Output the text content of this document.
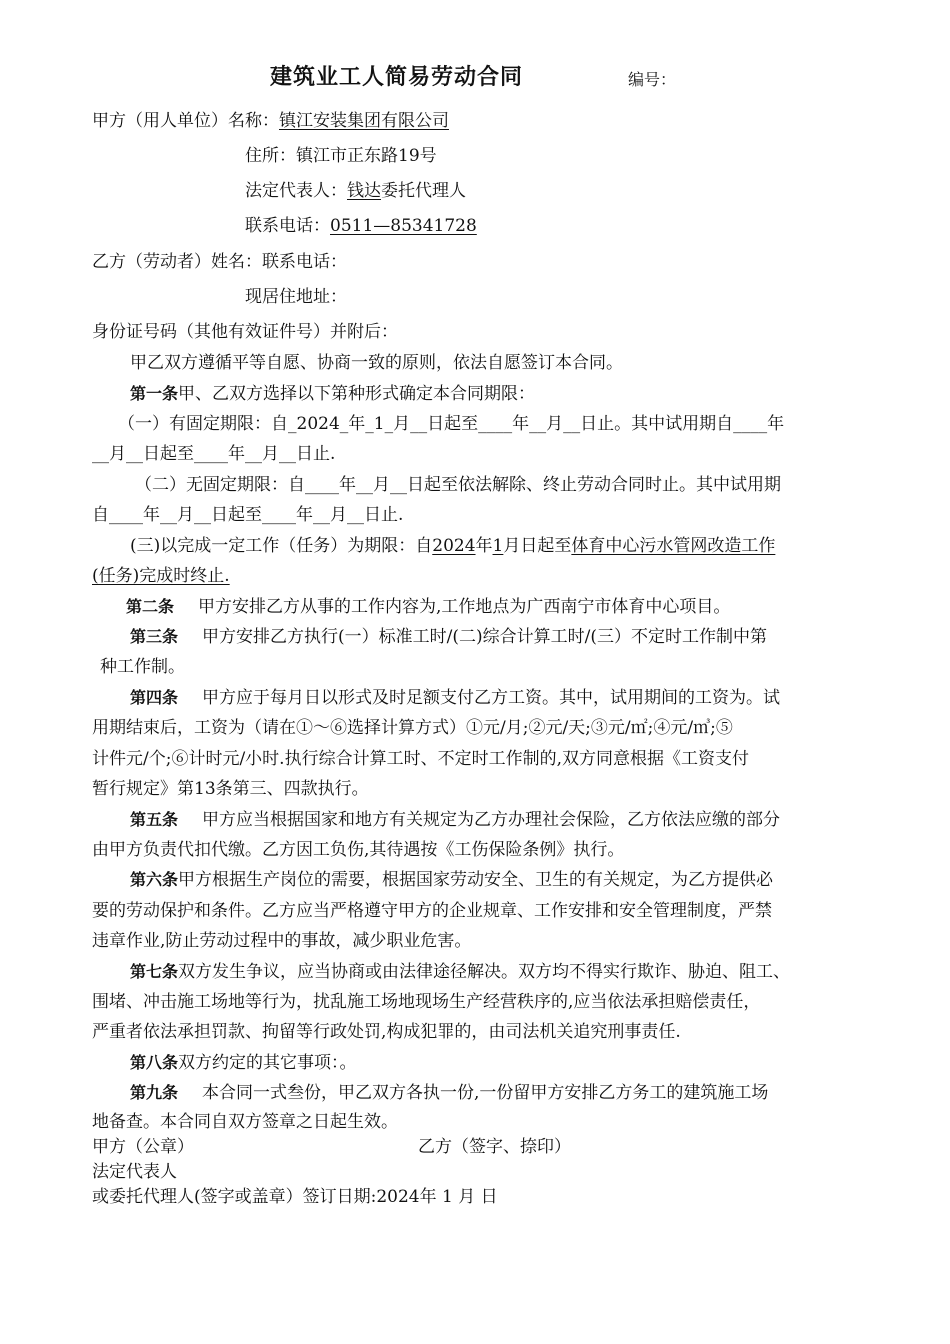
建筑业工人简易劳动合同	编号：
甲方（用人单位）名称：镇江安装集团有限公司
住所：镇江市正东路19号
法定代表人：钱达委托代理人
联系电话：0511—85341728
乙方（劳动者）姓名：联系电话：
现居住地址：
身份证号码（其他有效证件号）并附后：
甲乙双方遵循平等自愿、协商一致的原则，依法自愿签订本合同。
第一条甲、乙双方选择以下第种形式确定本合同期限：
（一）有固定期限：自_2024_年_1_月__日起至____年__月__日止。其中试用期自____年
__月__日起至____年__月__日止.
（二）无固定期限：自____年__月__日起至依法解除、终止劳动合同时止。其中试用期
自____年__月__日起至____年__月__日止.
(三)以完成一定工作（任务）为期限：自2024年1月日起至体育中心污水管网改造工作
(任务)完成时终止.
第二条 甲方安排乙方从事的工作内容为,工作地点为广西南宁市体育中心项目。
第三条 甲方安排乙方执行(一）标准工时/(二)综合计算工时/(三）不定时工作制中第
种工作制。
第四条 甲方应于每月日以形式及时足额支付乙方工资。其中，试用期间的工资为。试
用期结束后，工资为（请在①～⑥选择计算方式）①元/月;②元/天;③元/㎡;④元/㎥;⑤
计件元/个;⑥计时元/小时.执行综合计算工时、不定时工作制的,双方同意根据《工资支付
暂行规定》第13条第三、四款执行。
第五条 甲方应当根据国家和地方有关规定为乙方办理社会保险，乙方依法应缴的部分
由甲方负责代扣代缴。乙方因工负伤,其待遇按《工伤保险条例》执行。
第六条甲方根据生产岗位的需要，根据国家劳动安全、卫生的有关规定，为乙方提供必
要的劳动保护和条件。乙方应当严格遵守甲方的企业规章、工作安排和安全管理制度，严禁
违章作业,防止劳动过程中的事故，减少职业危害。
第七条双方发生争议，应当协商或由法律途径解决。双方均不得实行欺诈、胁迫、阻工、
围堵、冲击施工场地等行为，扰乱施工场地现场生产经营秩序的,应当依法承担赔偿责任，
严重者依法承担罚款、拘留等行政处罚,构成犯罪的，由司法机关追究刑事责任.
第八条双方约定的其它事项：。
第九条 本合同一式叁份，甲乙双方各执一份,一份留甲方安排乙方务工的建筑施工场
地备查。本合同自双方签章之日起生效。
甲方（公章）	乙方（签字、捺印）
法定代表人
或委托代理人(签字或盖章）签订日期:2024年 1 月 日
